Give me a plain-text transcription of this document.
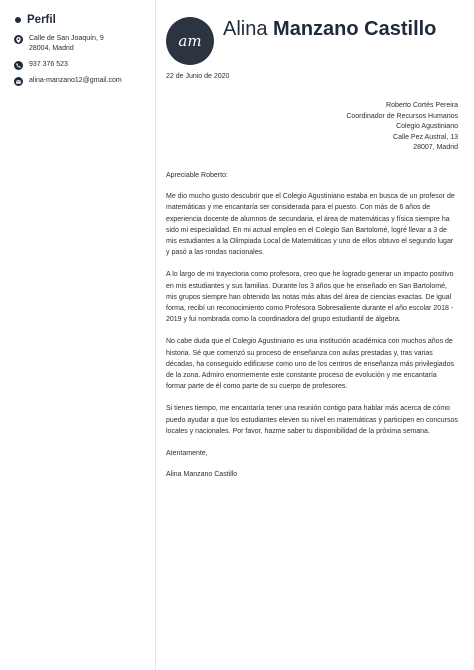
Perfil
Calle de San Joaquín, 9
28004, Madrid
937 376 523
alina-manzano12@gmail.com
am
Alina Manzano Castillo
22 de Junio de 2020
Roberto Cortés Pereira
Coordinador de Recursos Humanos
Colegio Agustiniano
Calle Pez Austral, 13
28007, Madrid

Apreciable Roberto:

Me dio mucho gusto descubrir que el Colegio Agustiniano estaba en busca de un profesor de matemáticas y me encantaría ser considerada para el puesto. Con más de 6 años de experiencia docente de alumnos de secundaria, el área de matemáticas y física siempre ha sido mi especialidad. En mi actual empleo en el Colegio San Bartolomé, logré llevar a 3 de mis estudiantes a la Olimpiada Local de Matemáticas y uno de ellos obtuvo el segundo lugar y pasó a las rondas nacionales.

A lo largo de mi trayectoria como profesora, creo que he logrado generar un impacto positivo en mis estudiantes y sus familias. Durante los 3 años que he enseñado en San Bartolomé, mis grupos siempre han obtenido las notas más altas del área de ciencias exactas. De igual forma, recibí un reconocimiento como Profesora Sobresaliente durante el año escolar 2018 - 2019 y fui nombrada como la coordinadora del grupo estudiantil de álgebra.

No cabe duda que el Colegio Agustiniano es una institución académica con muchos años de historia. Sé que comenzó su proceso de enseñanza con aulas prestadas y, tras varias décadas, ha conseguido edificarse como uno de los centros de enseñanza más privilegiados de la zona. Admiro enormemente este constante proceso de evolución y me encantaría formar parte de él como parte de su cuerpo de profesores.

Si tienes tiempo, me encantaría tener una reunión contigo para hablar más acerca de cómo puedo ayudar a que los estudiantes eleven su nivel en matemáticas y participen en concursos locales y nacionales. Por favor, hazme saber tu disponibilidad de la próxima semana.

Atentamente,

Alina Manzano Castillo
